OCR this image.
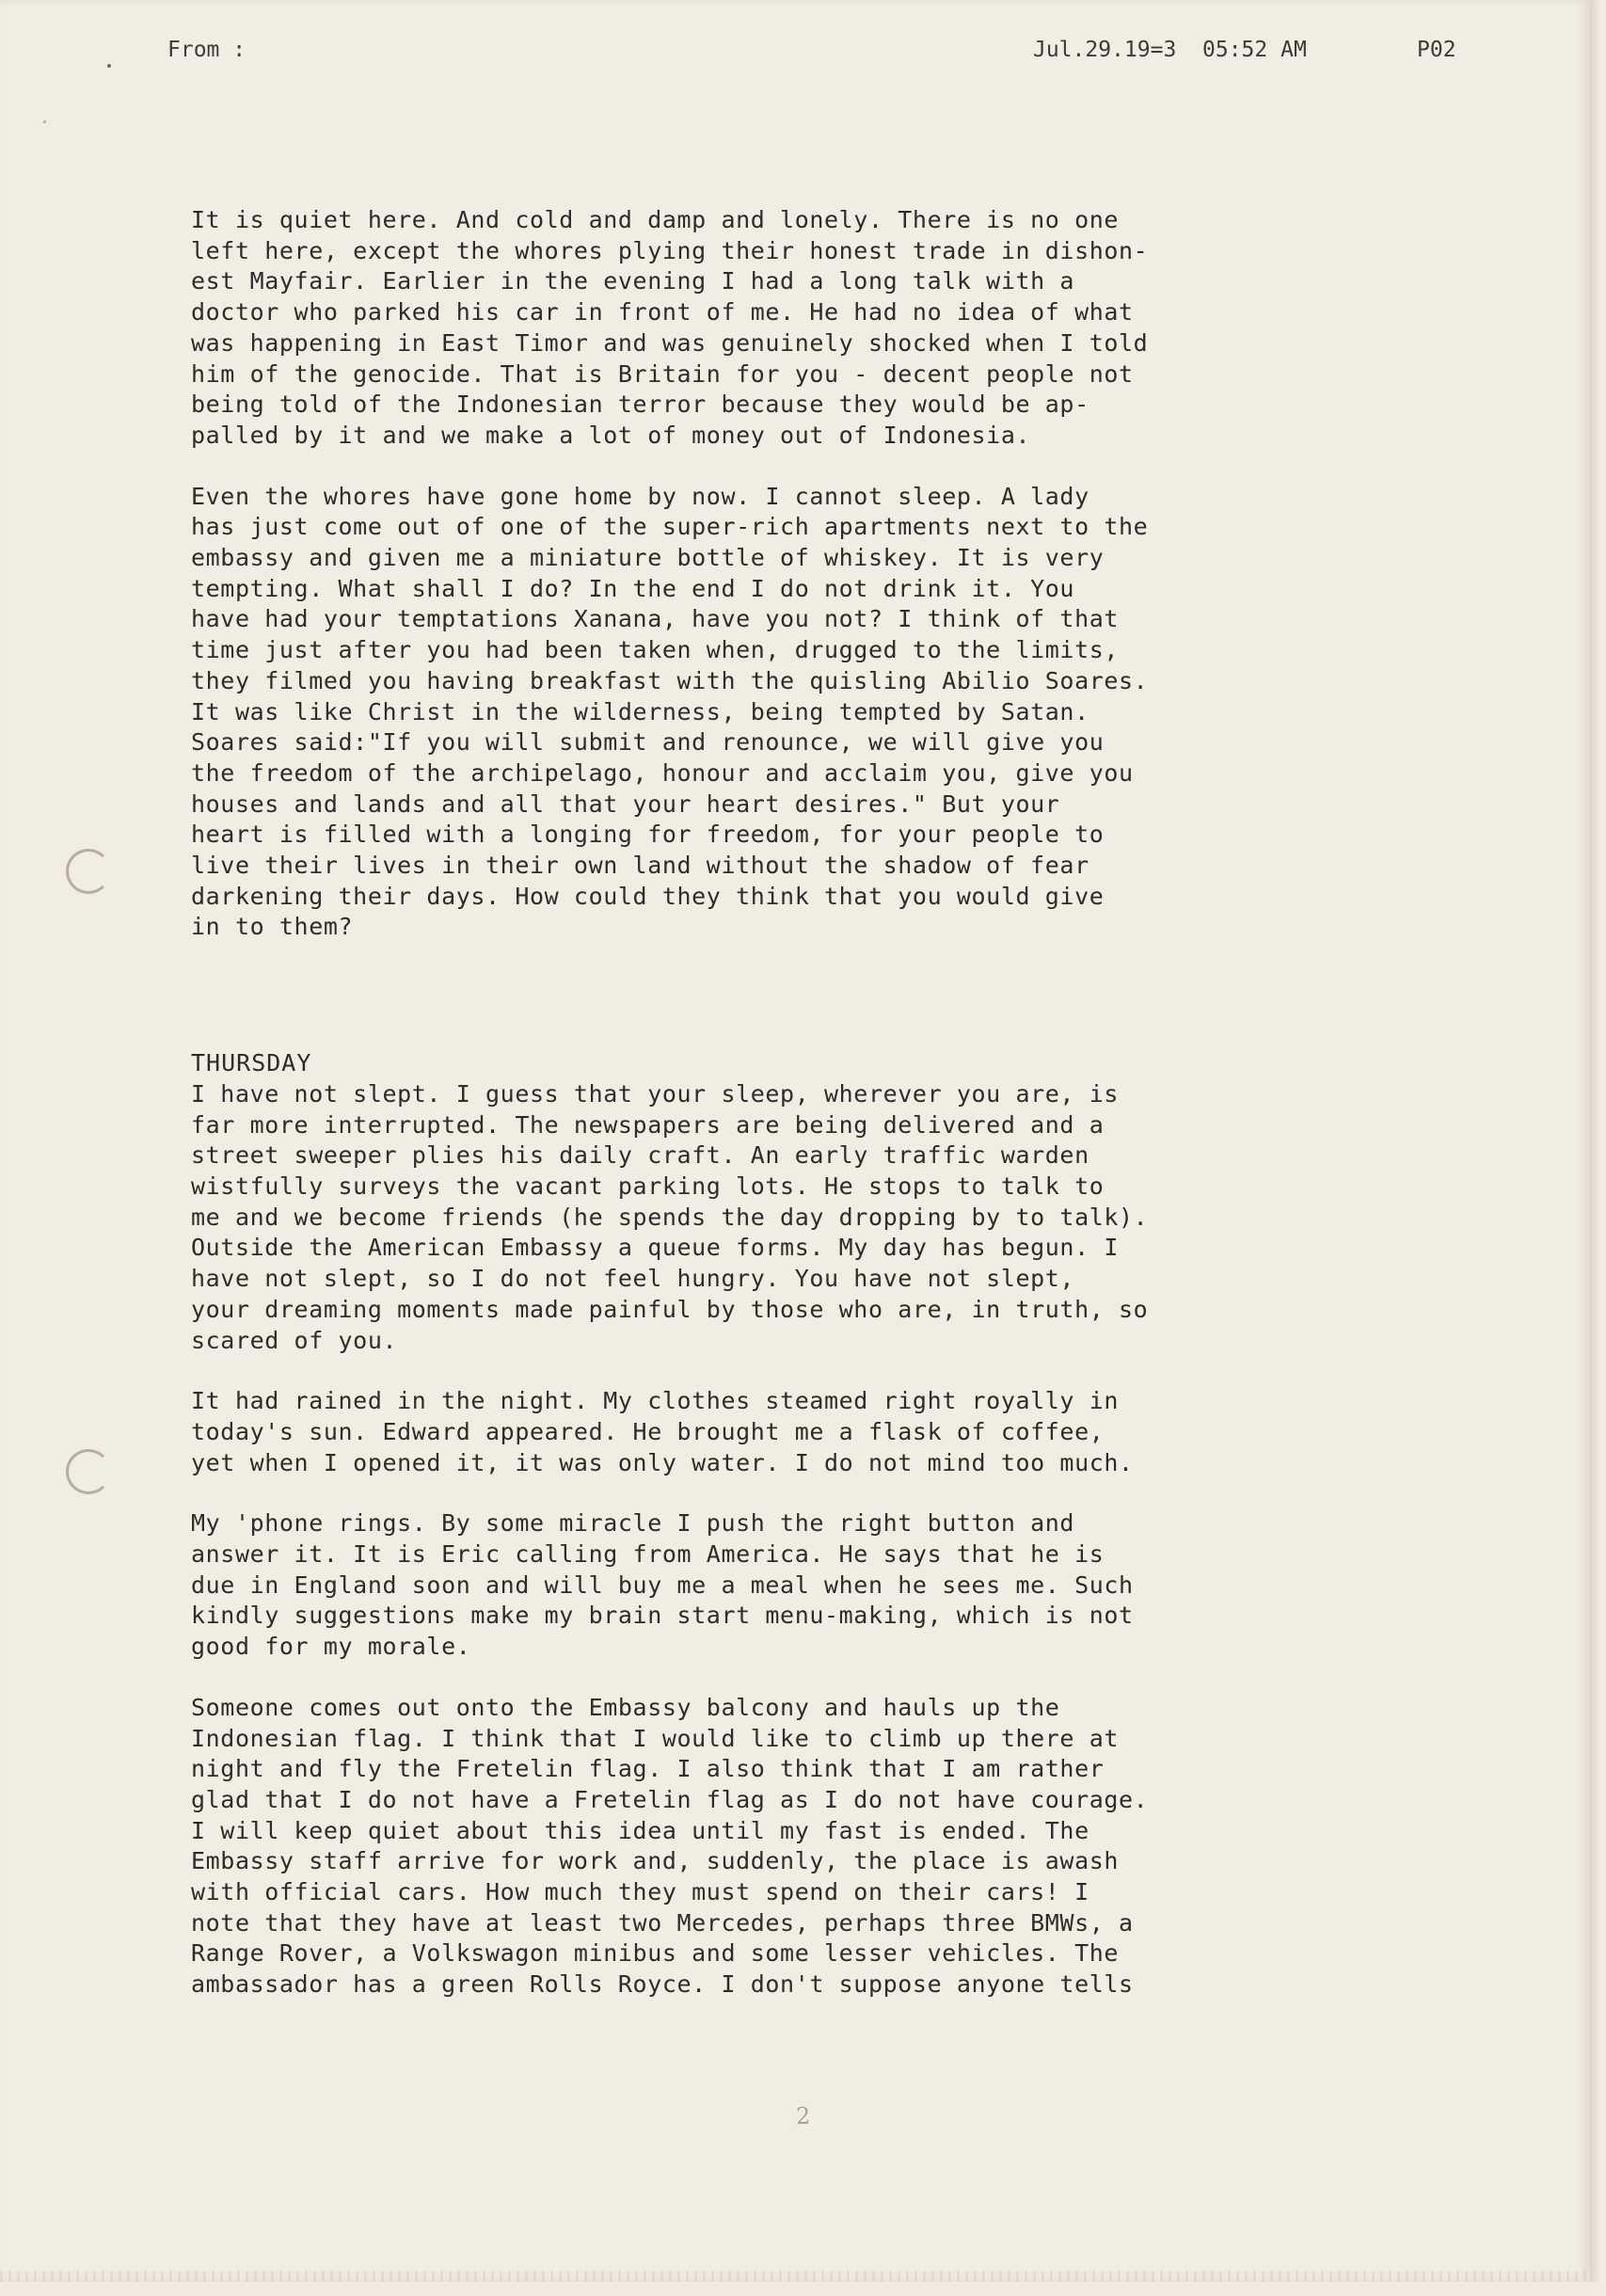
From :	Jul.29.19=3  05:52 AM	P02

It is quiet here. And cold and damp and lonely. There is no one
left here, except the whores plying their honest trade in dishon-
est Mayfair. Earlier in the evening I had a long talk with a
doctor who parked his car in front of me. He had no idea of what
was happening in East Timor and was genuinely shocked when I told
him of the genocide. That is Britain for you - decent people not
being told of the Indonesian terror because they would be ap-
palled by it and we make a lot of money out of Indonesia.

Even the whores have gone home by now. I cannot sleep. A lady
has just come out of one of the super-rich apartments next to the
embassy and given me a miniature bottle of whiskey. It is very
tempting. What shall I do? In the end I do not drink it. You
have had your temptations Xanana, have you not? I think of that
time just after you had been taken when, drugged to the limits,
they filmed you having breakfast with the quisling Abilio Soares.
It was like Christ in the wilderness, being tempted by Satan.
Soares said:"If you will submit and renounce, we will give you
the freedom of the archipelago, honour and acclaim you, give you
houses and lands and all that your heart desires." But your
heart is filled with a longing for freedom, for your people to
live their lives in their own land without the shadow of fear
darkening their days. How could they think that you would give
in to them?

THURSDAY

I have not slept. I guess that your sleep, wherever you are, is
far more interrupted. The newspapers are being delivered and a
street sweeper plies his daily craft. An early traffic warden
wistfully surveys the vacant parking lots. He stops to talk to
me and we become friends (he spends the day dropping by to talk).
Outside the American Embassy a queue forms. My day has begun. I
have not slept, so I do not feel hungry. You have not slept,
your dreaming moments made painful by those who are, in truth, so
scared of you.

It had rained in the night. My clothes steamed right royally in
today's sun. Edward appeared. He brought me a flask of coffee,
yet when I opened it, it was only water. I do not mind too much.

My 'phone rings. By some miracle I push the right button and
answer it. It is Eric calling from America. He says that he is
due in England soon and will buy me a meal when he sees me. Such
kindly suggestions make my brain start menu-making, which is not
good for my morale.

Someone comes out onto the Embassy balcony and hauls up the
Indonesian flag. I think that I would like to climb up there at
night and fly the Fretelin flag. I also think that I am rather
glad that I do not have a Fretelin flag as I do not have courage.
I will keep quiet about this idea until my fast is ended. The
Embassy staff arrive for work and, suddenly, the place is awash
with official cars. How much they must spend on their cars! I
note that they have at least two Mercedes, perhaps three BMWs, a
Range Rover, a Volkswagon minibus and some lesser vehicles. The
ambassador has a green Rolls Royce. I don't suppose anyone tells

2
